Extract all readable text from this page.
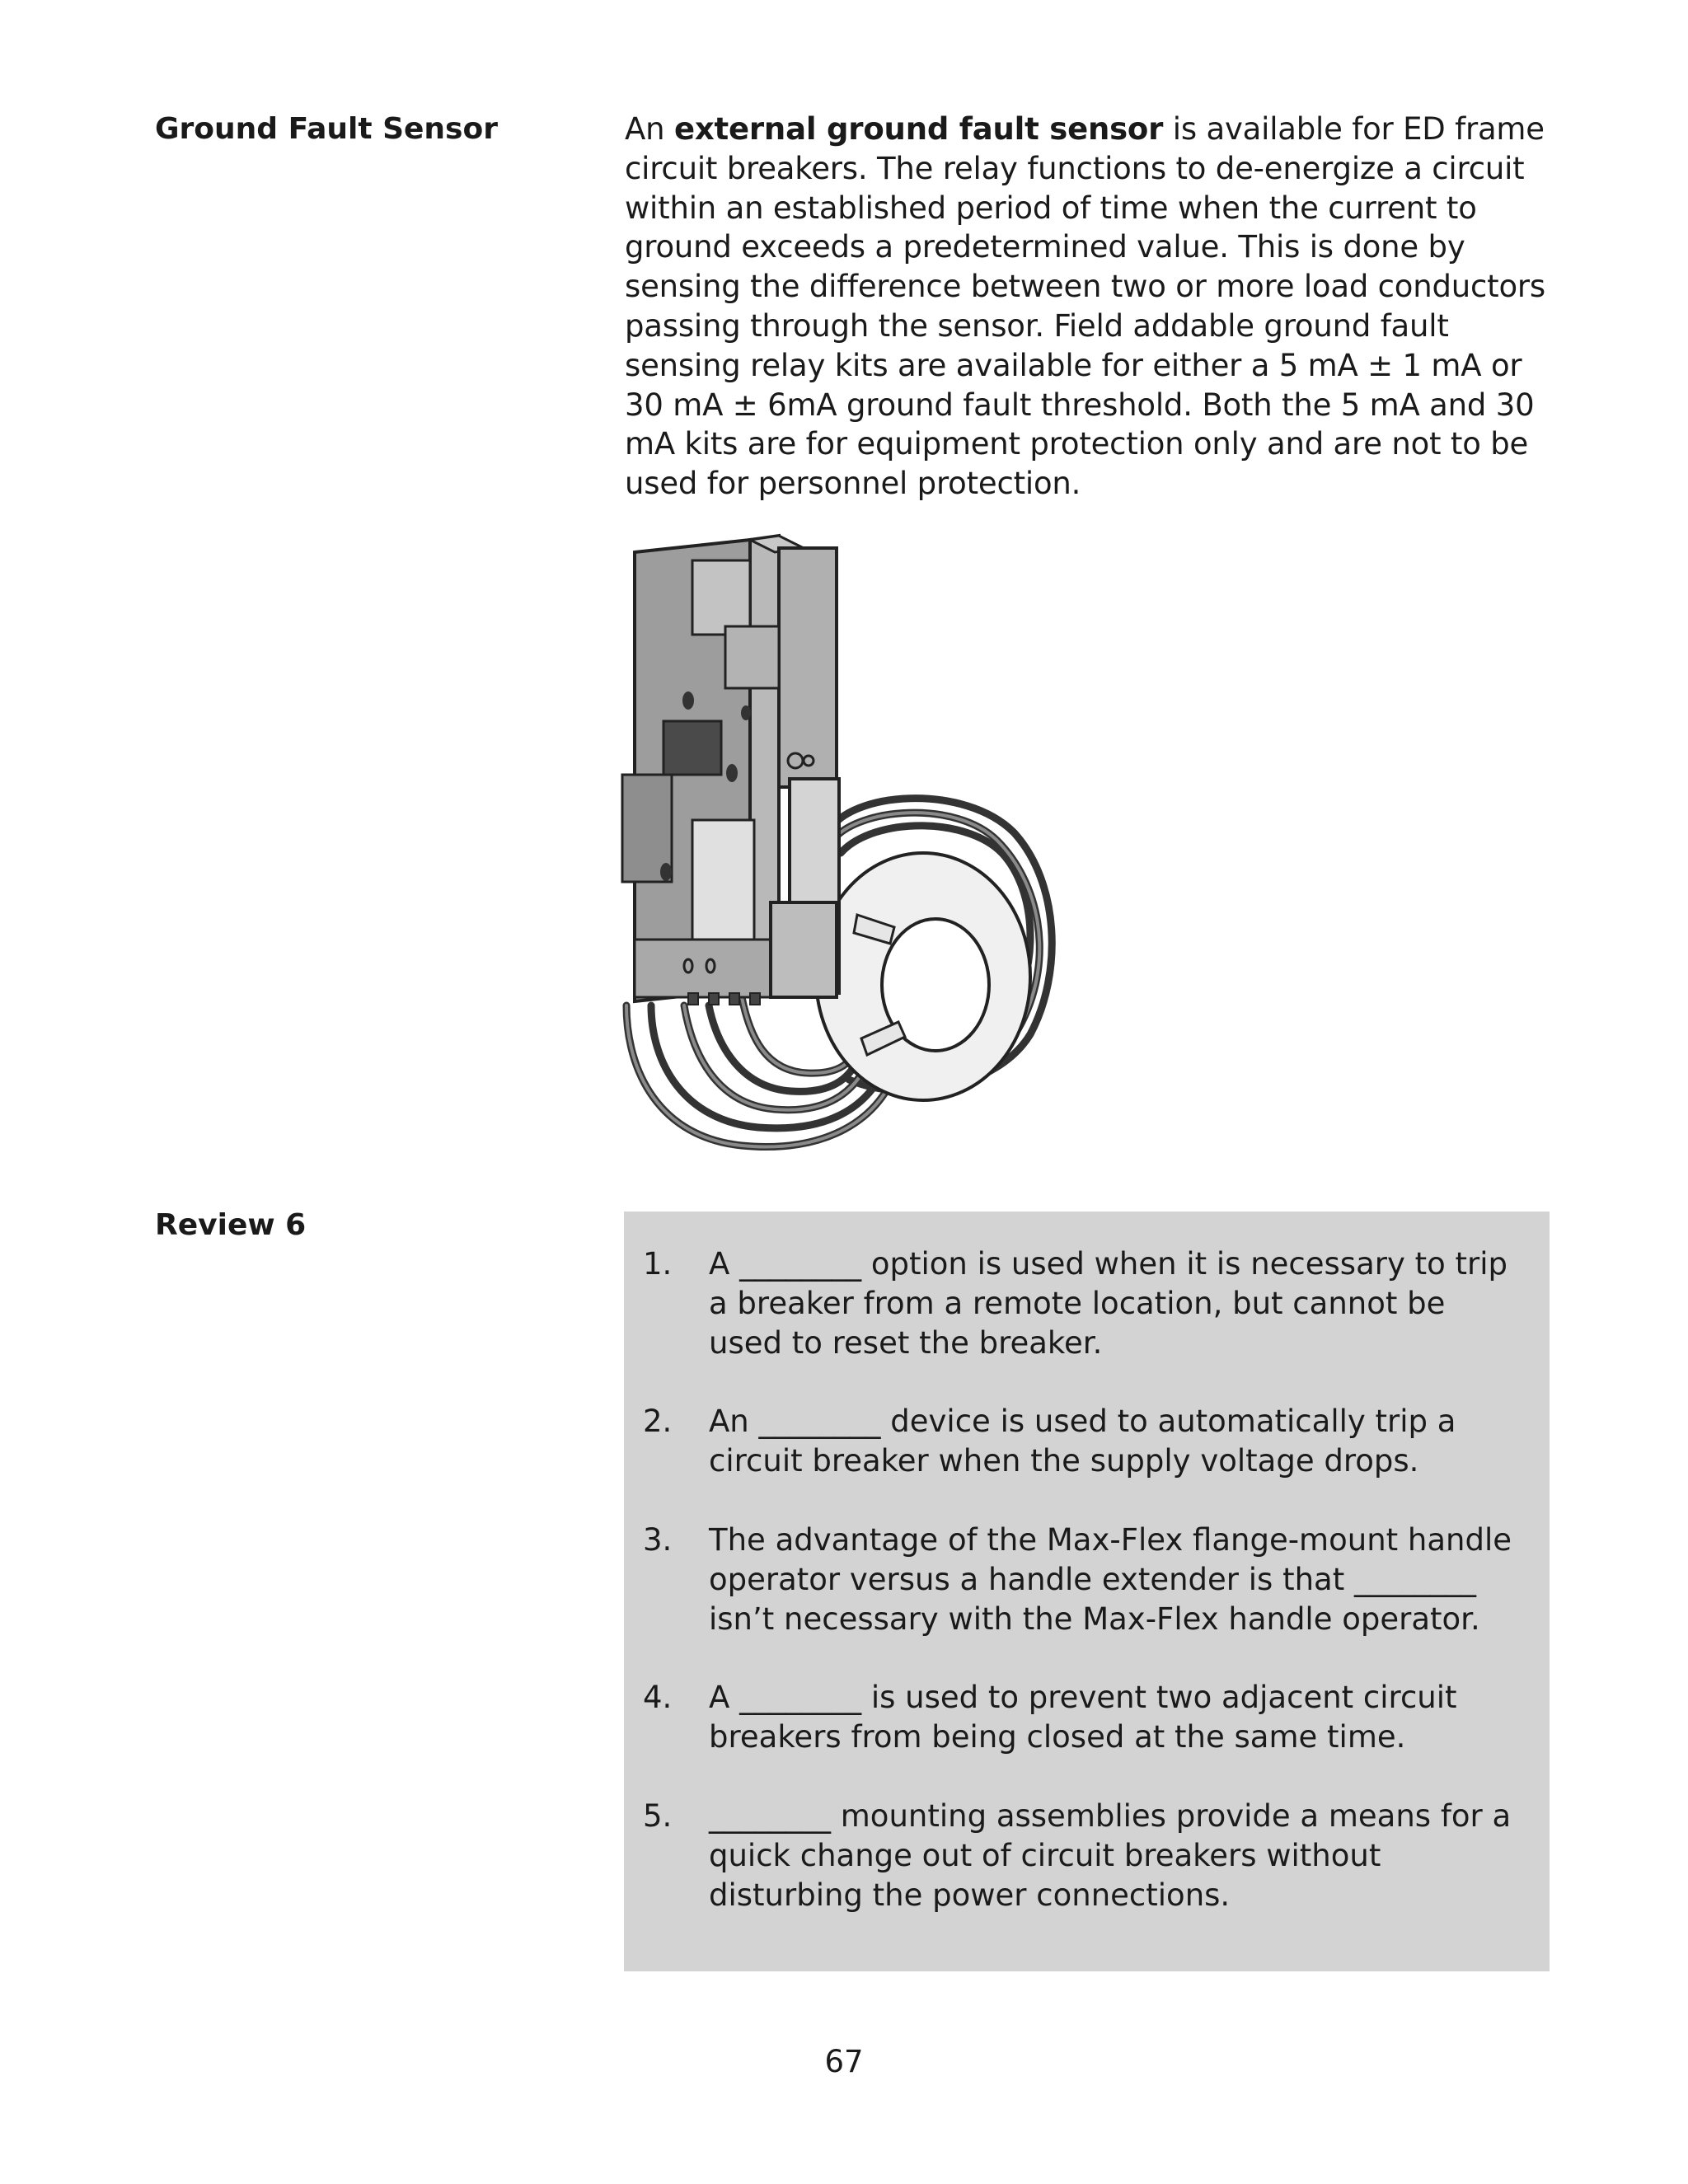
Ground Fault Sensor	An external ground fault sensor is available for ED frame circuit breakers. The relay functions to de-energize a circuit within an established period of time when the current to ground exceeds a predetermined value. This is done by sensing the difference between two or more load conductors passing through the sensor. Field addable ground fault sensing relay kits are available for either a 5 mA ± 1 mA or 30 mA ± 6mA ground fault threshold. Both the 5 mA and 30 mA kits are for equipment protection only and are not to be used for personnel protection.
Review 6
1. A ________ option is used when it is necessary to trip a breaker from a remote location, but cannot be used to reset the breaker.
2. An ________ device is used to automatically trip a circuit breaker when the supply voltage drops.
3. The advantage of the Max-Flex flange-mount handle operator versus a handle extender is that ________ isn’t necessary with the Max-Flex handle operator.
4. A ________ is used to prevent two adjacent circuit breakers from being closed at the same time.
5. ________ mounting assemblies provide a means for a quick change out of circuit breakers without disturbing the power connections.
67
